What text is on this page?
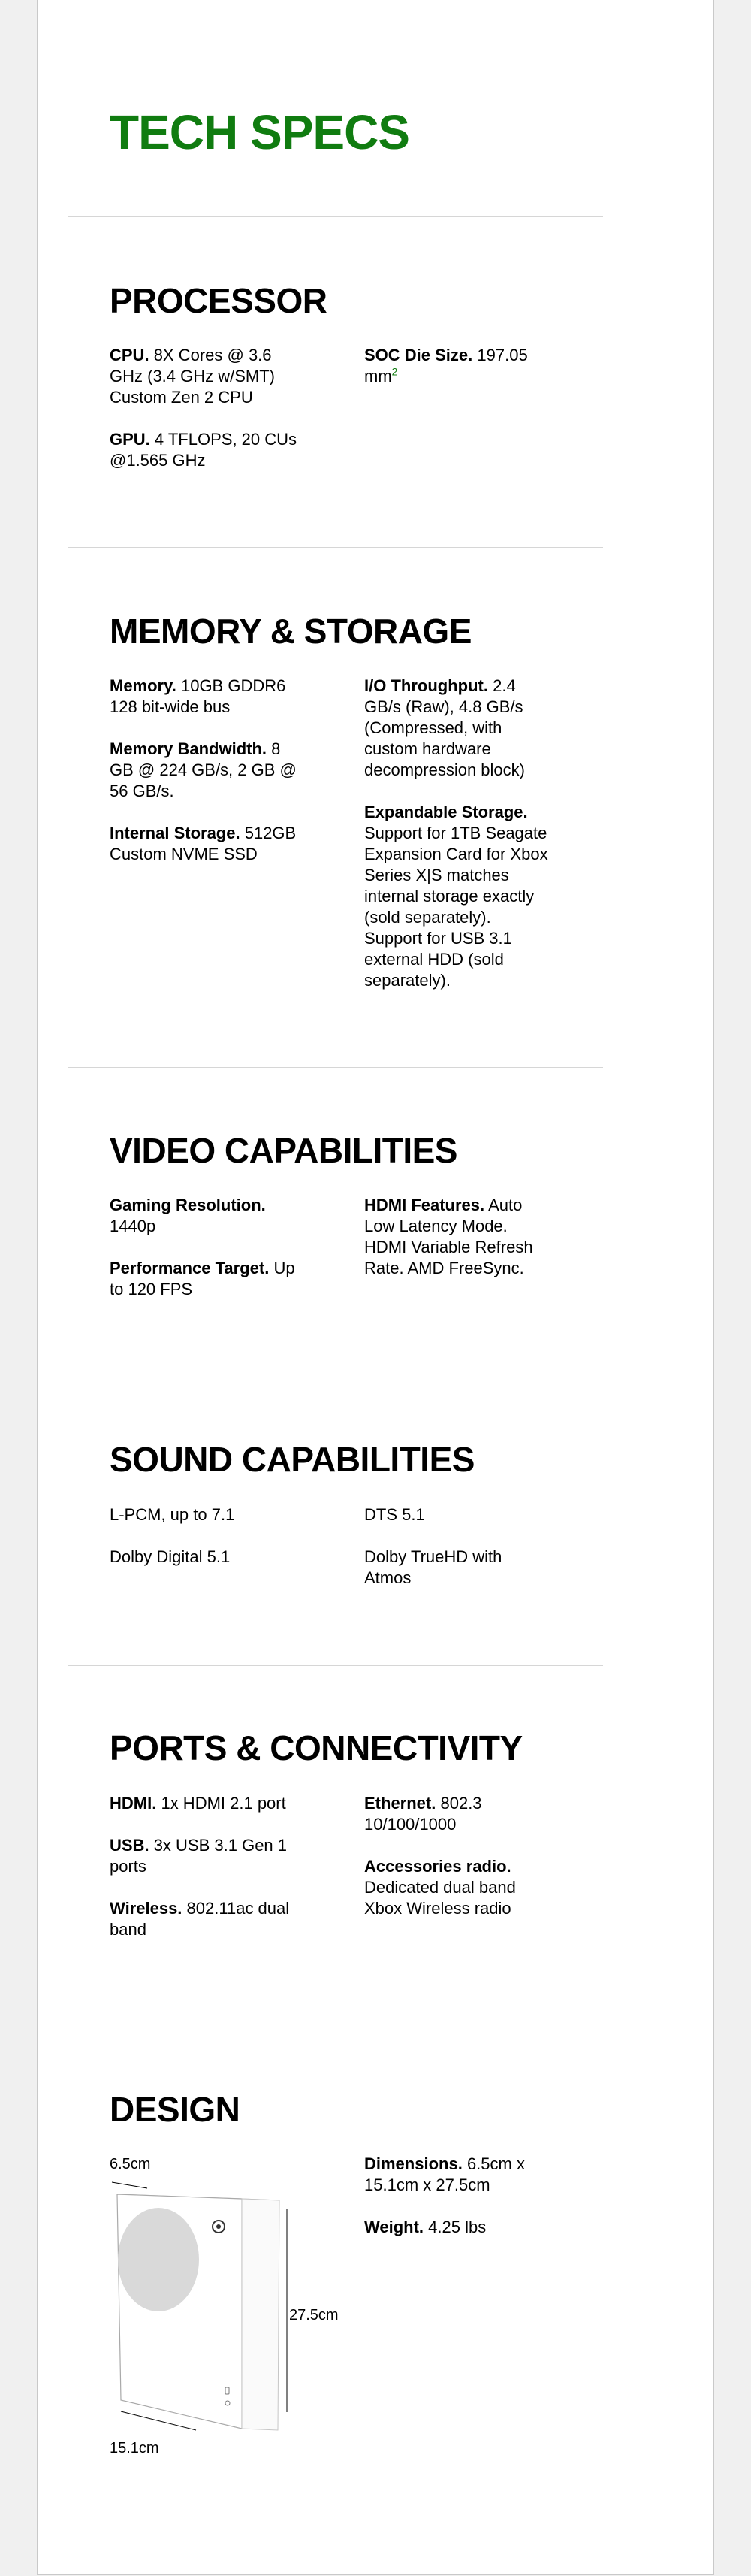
TECH SPECS
PROCESSOR

CPU. 8X Cores @ 3.6 GHz (3.4 GHz w/SMT) Custom Zen 2 CPU

GPU. 4 TFLOPS, 20 CUs @1.565 GHz

SOC Die Size. 197.05 $mm^2$

MEMORY & STORAGE

Memory. 10GB GDDR6 128 bit-wide bus

Memory Bandwidth. 8 GB @ 224 GB/s, 2 GB @ 56 GB/s.

Internal Storage. 512GB Custom NVME SSD

I/O Throughput. 2.4 GB/s (Raw), 4.8 GB/s (Compressed, with custom hardware decompression block)

Expandable Storage. Support for 1TB Seagate Expansion Card for Xbox Series X|S matches internal storage exactly (sold separately). Support for USB 3.1 external HDD (sold separately).

VIDEO CAPABILITIES

Gaming Resolution. 1440p

Performance Target. Up to 120 FPS

HDMI Features. Auto Low Latency Mode. HDMI Variable Refresh Rate. AMD FreeSync.

SOUND CAPABILITIES

L-PCM, up to 7.1

Dolby Digital 5.1

DTS 5.1

Dolby TrueHD with Atmos

PORTS & CONNECTIVITY

HDMI. 1x HDMI 2.1 port

USB. 3x USB 3.1 Gen 1 ports

Wireless. 802.11ac dual band

Ethernet. 802.3 10/100/1000

Accessories radio. Dedicated dual band Xbox Wireless radio

DESIGN

Dimensions. 6.5cm x 15.1cm x 27.5cm

Weight. 4.25 lbs

6.5cm
27.5cm
15.1cm
